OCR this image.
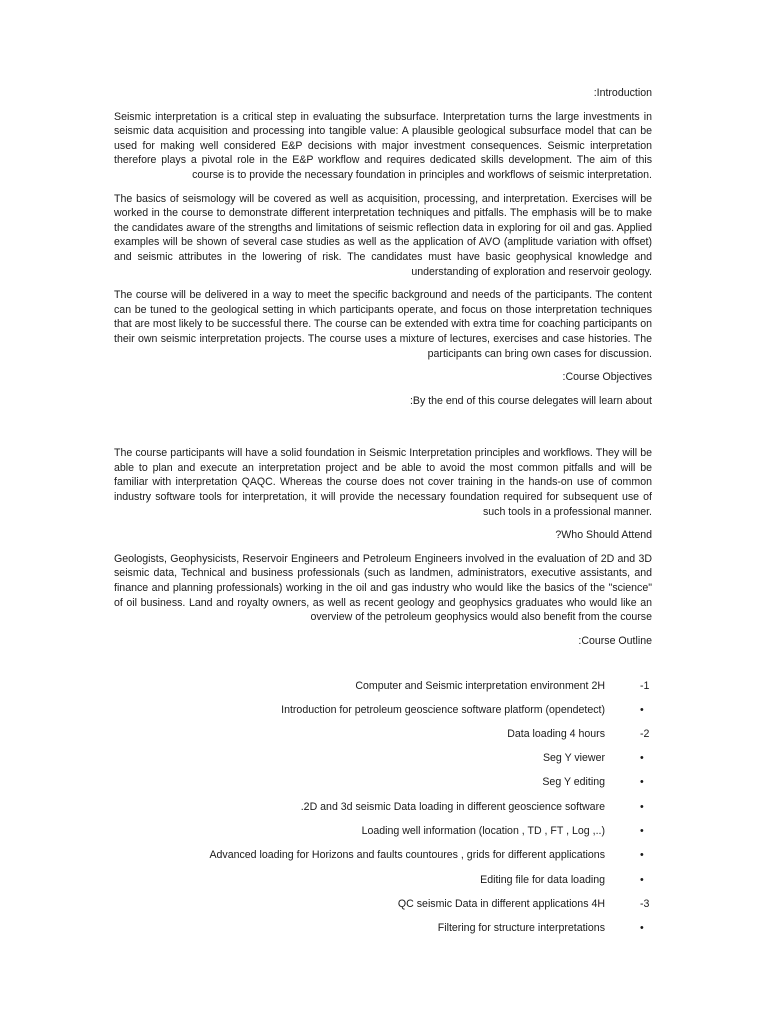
:Introduction

Seismic interpretation is a critical step in evaluating the subsurface. Interpretation turns the large investments in seismic data acquisition and processing into tangible value: A plausible geological subsurface model that can be used for making well considered E&P decisions with major investment consequences. Seismic interpretation therefore plays a pivotal role in the E&P workflow and requires dedicated skills development. The aim of this course is to provide the necessary foundation in principles and workflows of seismic interpretation.

The basics of seismology will be covered as well as acquisition, processing, and interpretation. Exercises will be worked in the course to demonstrate different interpretation techniques and pitfalls. The emphasis will be to make the candidates aware of the strengths and limitations of seismic reflection data in exploring for oil and gas. Applied examples will be shown of several case studies as well as the application of AVO (amplitude variation with offset) and seismic attributes in the lowering of risk. The candidates must have basic geophysical knowledge and understanding of exploration and reservoir geology.

The course will be delivered in a way to meet the specific background and needs of the participants. The content can be tuned to the geological setting in which participants operate, and focus on those interpretation techniques that are most likely to be successful there. The course can be extended with extra time for coaching participants on their own seismic interpretation projects. The course uses a mixture of lectures, exercises and case histories. The participants can bring own cases for discussion.

:Course Objectives

:By the end of this course delegates will learn about

The course participants will have a solid foundation in Seismic Interpretation principles and workflows. They will be able to plan and execute an interpretation project and be able to avoid the most common pitfalls and will be familiar with interpretation QAQC. Whereas the course does not cover training in the hands-on use of common industry software tools for interpretation, it will provide the necessary foundation required for subsequent use of such tools in a professional manner.

?Who Should Attend

Geologists, Geophysicists, Reservoir Engineers and Petroleum Engineers involved in the evaluation of 2D and 3D seismic data, Technical and business professionals (such as landmen, administrators, executive assistants, and finance and planning professionals) working in the oil and gas industry who would like the basics of the "science" of oil business. Land and royalty owners, as well as recent geology and geophysics graduates who would like an overview of the petroleum geophysics would also benefit from the course

:Course Outline

Computer and Seismic interpretation environment 2H	-1
Introduction for petroleum geoscience software platform (opendetect)	•
Data loading 4 hours	-2
Seg Y viewer	•
Seg Y editing	•
.2D and 3d seismic Data loading in different geoscience software	•
Loading well information (location , TD , FT , Log ,..)	•
Advanced loading for Horizons and faults countoures , grids for different applications	•
Editing file for data loading	•
QC seismic Data in different applications 4H	-3
Filtering for structure interpretations	•
